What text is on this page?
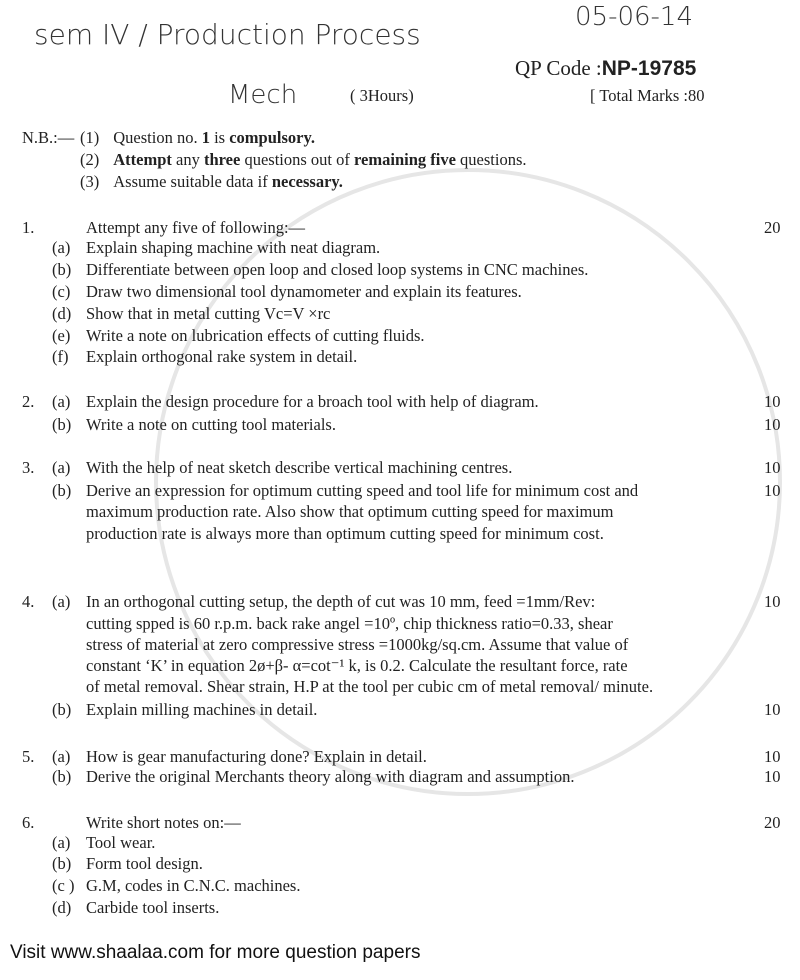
sem IV / Production Process
05-06-14
QP Code :NP-19785
Mech	( 3Hours)	[ Total Marks :80
N.B.:— (1) Question no. 1 is compulsory.
(2) Attempt any three questions out of remaining five questions.
(3) Assume suitable data if necessary.
1.	Attempt any five of following:—	20
(a) Explain shaping machine with neat diagram.
(b) Differentiate between open loop and closed loop systems in CNC machines.
(c) Draw two dimensional tool dynamometer and explain its features.
(d) Show that in metal cutting Vc=V ×rc
(e) Write a note on lubrication effects of cutting fluids.
(f) Explain orthogonal rake system in detail.
2. (a) Explain the design procedure for a broach tool with help of diagram.	10
(b) Write a note on cutting tool materials.	10
3. (a) With the help of neat sketch describe vertical machining centres.	10
(b) Derive an expression for optimum cutting speed and tool life for minimum cost and	10
maximum production rate. Also show that optimum cutting speed for maximum
production rate is always more than optimum cutting speed for minimum cost.
4. (a) In an orthogonal cutting setup, the depth of cut was 10 mm, feed =1mm/Rev:	10
cutting spped is 60 r.p.m. back rake angel =10º, chip thickness ratio=0.33, shear
stress of material at zero compressive stress =1000kg/sq.cm. Assume that value of
constant ‘K’ in equation 2ø+β- α=cot⁻¹ k, is 0.2. Calculate the resultant force, rate
of metal removal. Shear strain, H.P at the tool per cubic cm of metal removal/ minute.
(b) Explain milling machines in detail.	10
5. (a) How is gear manufacturing done? Explain in detail.	10
(b) Derive the original Merchants theory along with diagram and assumption.	10
6.	Write short notes on:—	20
(a) Tool wear.
(b) Form tool design.
(c ) G.M, codes in C.N.C. machines.
(d) Carbide tool inserts.
Visit www.shaalaa.com for more question papers
